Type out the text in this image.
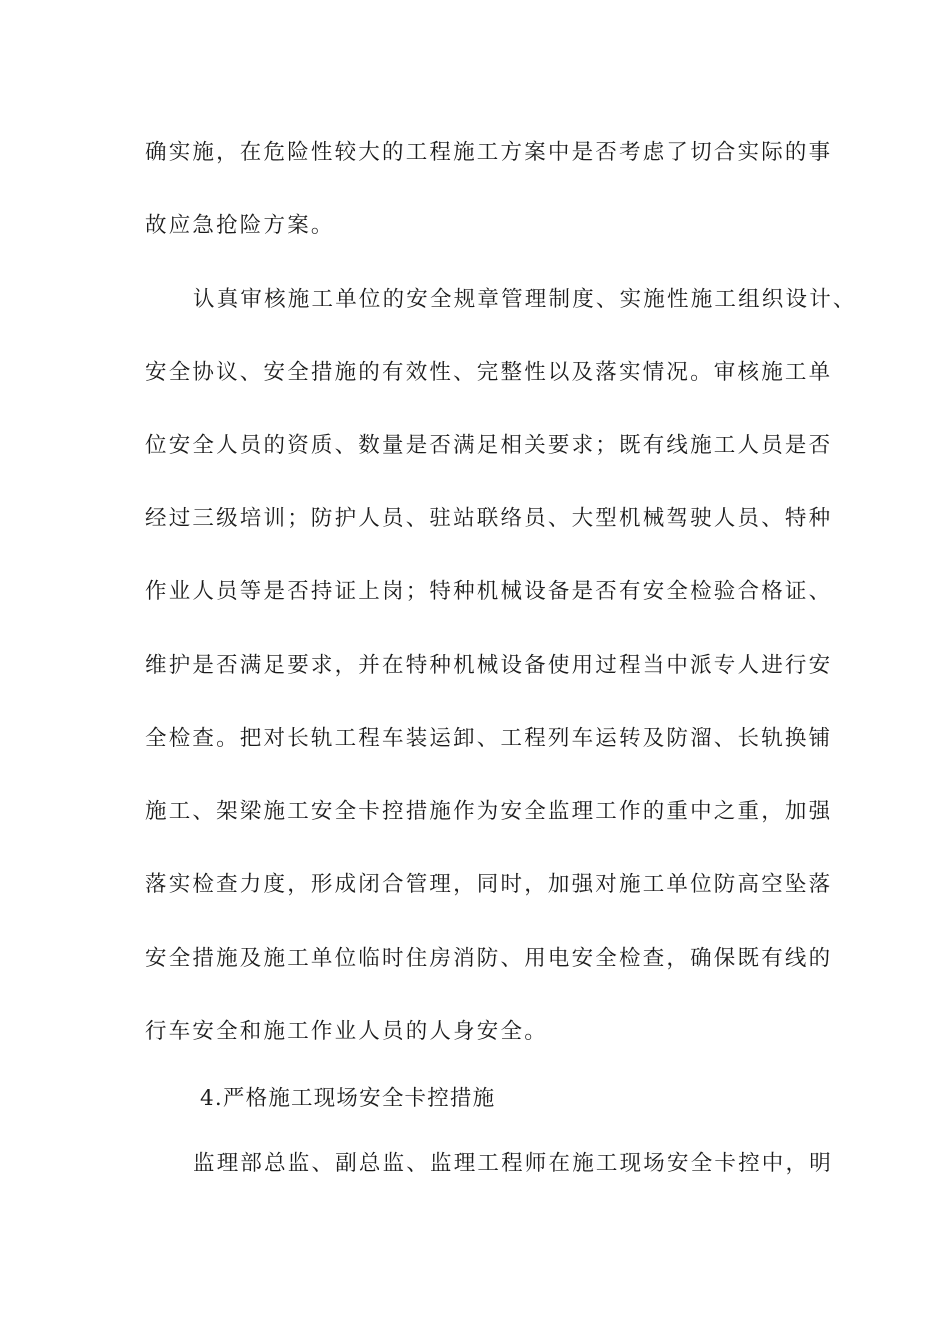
确实施，在危险性较大的工程施工方案中是否考虑了切合实际的事
故应急抢险方案。
认真审核施工单位的安全规章管理制度、实施性施工组织设计、
安全协议、安全措施的有效性、完整性以及落实情况。审核施工单
位安全人员的资质、数量是否满足相关要求；既有线施工人员是否
经过三级培训；防护人员、驻站联络员、大型机械驾驶人员、特种
作业人员等是否持证上岗；特种机械设备是否有安全检验合格证、
维护是否满足要求，并在特种机械设备使用过程当中派专人进行安
全检查。把对长轨工程车装运卸、工程列车运转及防溜、长轨换铺
施工、架梁施工安全卡控措施作为安全监理工作的重中之重，加强
落实检查力度，形成闭合管理，同时，加强对施工单位防高空坠落
安全措施及施工单位临时住房消防、用电安全检查，确保既有线的
行车安全和施工作业人员的人身安全。
4.严格施工现场安全卡控措施
监理部总监、副总监、监理工程师在施工现场安全卡控中，明
